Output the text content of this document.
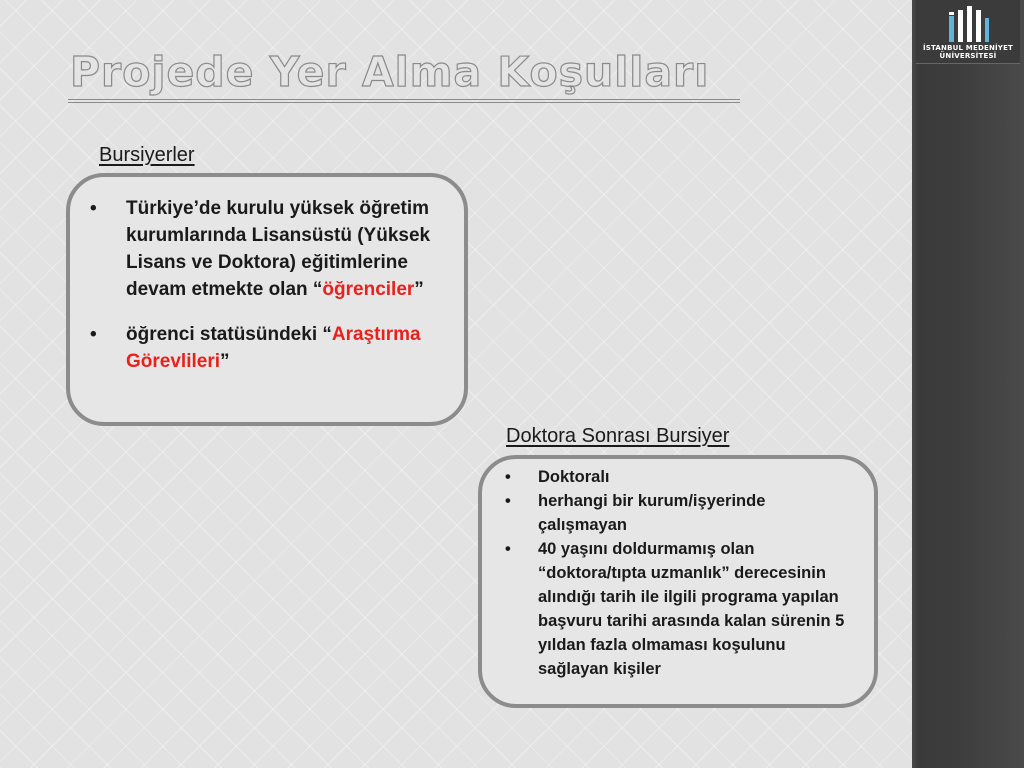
İSTANBUL MEDENİYET
ÜNİVERSİTESİ
Projede Yer Alma Koşulları
Bursiyerler
• Türkiye’de kurulu yüksek öğretim kurumlarında Lisansüstü (Yüksek Lisans ve Doktora) eğitimlerine devam etmekte olan “öğrenciler”
• öğrenci statüsündeki “Araştırma Görevlileri”
Doktora Sonrası Bursiyer
• Doktoralı
• herhangi bir kurum/işyerinde çalışmayan
• 40 yaşını doldurmamış olan “doktora/tıpta uzmanlık” derecesinin alındığı tarih ile ilgili programa yapılan başvuru tarihi arasında kalan sürenin 5 yıldan fazla olmaması koşulunu sağlayan kişiler
